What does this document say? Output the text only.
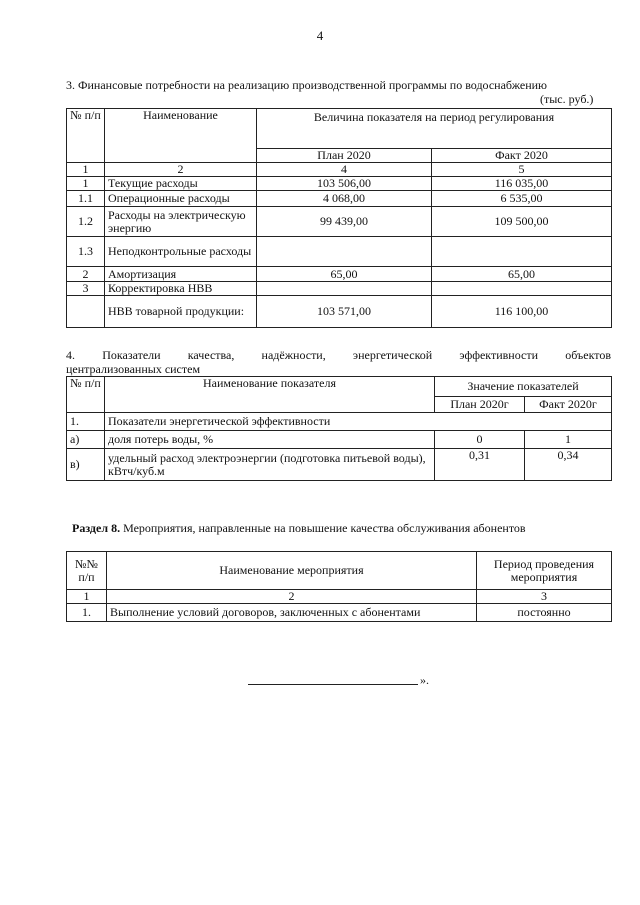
4
3. Финансовые потребности на реализацию производственной программы по водоснабжению
(тыс. руб.)
№ п/п	Наименование	Величина показателя на период регулирования	
		План 2020	Факт 2020
1	2	4	5
1	Текущие расходы	103 506,00	116 035,00
1.1	Операционные расходы	4 068,00	6 535,00
1.2	Расходы на электрическую энергию	99 439,00	109 500,00
1.3	Неподконтрольные расходы		
2	Амортизация	65,00	65,00
3	Корректировка НВВ		
	НВВ товарной продукции:	103 571,00	116 100,00
4. Показатели качества, надёжности, энергетической эффективности объектов
централизованных систем
№ п/п	Наименование показателя	Значение показателей	
		План 2020г	Факт 2020г
1.	Показатели энергетической эффективности		
а)	доля потерь воды, %	0	1
в)	удельный расход электроэнергии (подготовка питьевой воды), кВтч/куб.м	0,31	0,34
Раздел 8. Мероприятия, направленные на повышение качества обслуживания абонентов
№№ п/п	Наименование мероприятия	Период проведения мероприятия
1	2	3
1.	Выполнение условий договоров, заключенных с абонентами	постоянно
».
